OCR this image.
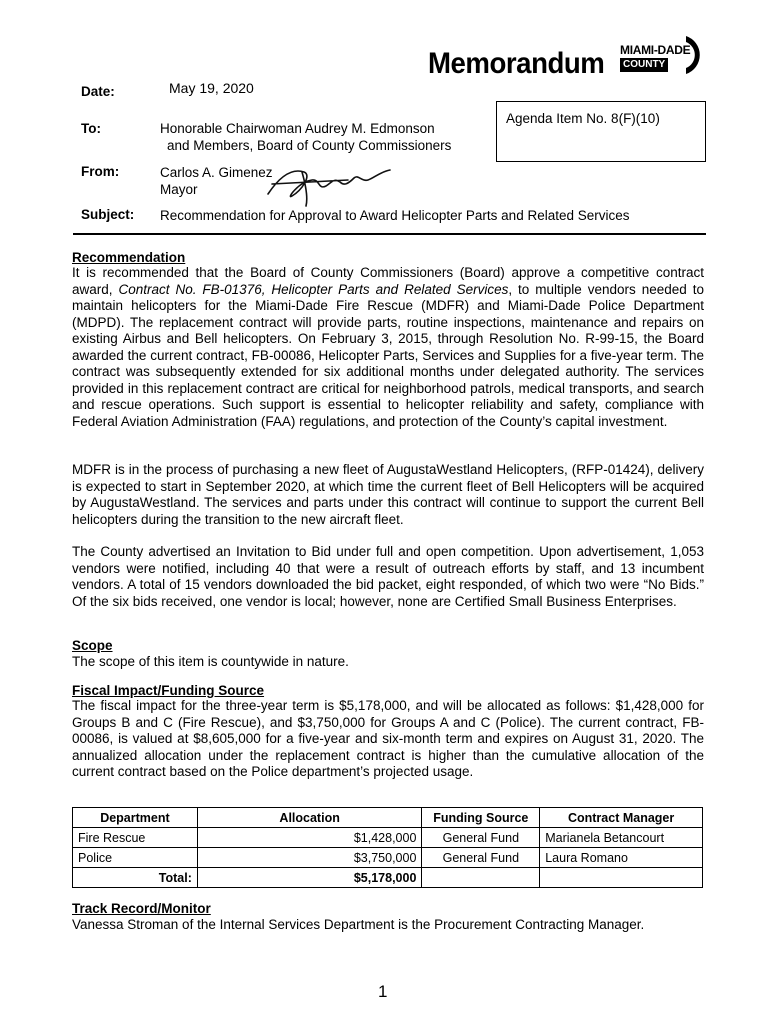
Memorandum MIAMI-DADE
COUNTY
Date:	May 19, 2020
To:	Honorable Chairwoman Audrey M. Edmonson
and Members, Board of County Commissioners
From:	Carlos A. Gimenez
Mayor
Agenda Item No. 8(F)(10)
Subject: Recommendation for Approval to Award Helicopter Parts and Related Services
Recommendation
It is recommended that the Board of County Commissioners (Board) approve a competitive contract award, Contract No. FB-01376, Helicopter Parts and Related Services, to multiple vendors needed to maintain helicopters for the Miami-Dade Fire Rescue (MDFR) and Miami-Dade Police Department (MDPD). The replacement contract will provide parts, routine inspections, maintenance and repairs on existing Airbus and Bell helicopters. On February 3, 2015, through Resolution No. R-99-15, the Board awarded the current contract, FB-00086, Helicopter Parts, Services and Supplies for a five-year term. The contract was subsequently extended for six additional months under delegated authority. The services provided in this replacement contract are critical for neighborhood patrols, medical transports, and search and rescue operations. Such support is essential to helicopter reliability and safety, compliance with Federal Aviation Administration (FAA) regulations, and protection of the County’s capital investment.
MDFR is in the process of purchasing a new fleet of AugustaWestland Helicopters, (RFP-01424), delivery is expected to start in September 2020, at which time the current fleet of Bell Helicopters will be acquired by AugustaWestland. The services and parts under this contract will continue to support the current Bell helicopters during the transition to the new aircraft fleet.
The County advertised an Invitation to Bid under full and open competition. Upon advertisement, 1,053 vendors were notified, including 40 that were a result of outreach efforts by staff, and 13 incumbent vendors. A total of 15 vendors downloaded the bid packet, eight responded, of which two were “No Bids.” Of the six bids received, one vendor is local; however, none are Certified Small Business Enterprises.
Scope
The scope of this item is countywide in nature.
Fiscal Impact/Funding Source
The fiscal impact for the three-year term is $5,178,000, and will be allocated as follows: $1,428,000 for Groups B and C (Fire Rescue), and $3,750,000 for Groups A and C (Police). The current contract, FB-00086, is valued at $8,605,000 for a five-year and six-month term and expires on August 31, 2020. The annualized allocation under the replacement contract is higher than the cumulative allocation of the current contract based on the Police department’s projected usage.
Department	Allocation	Funding Source	Contract Manager
Fire Rescue	$1,428,000	General Fund	Marianela Betancourt
Police	$3,750,000	General Fund	Laura Romano
Total:	$5,178,000		
Track Record/Monitor
Vanessa Stroman of the Internal Services Department is the Procurement Contracting Manager.
1
